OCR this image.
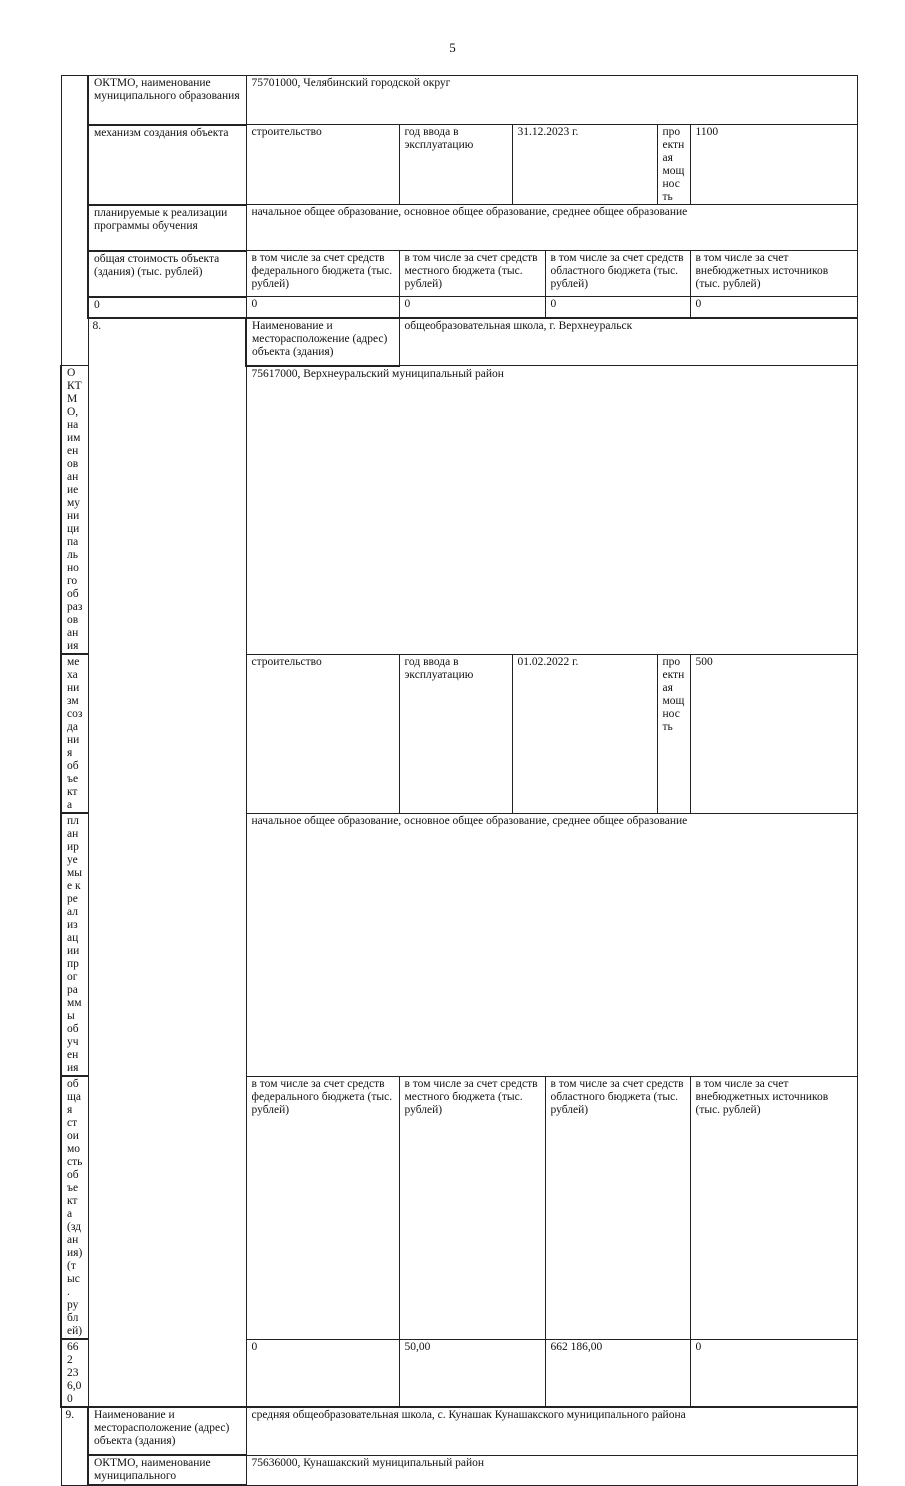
5
	ОКТМО, наименование муниципального образования	75701000, Челябинский городской округ					
	механизм создания объекта	строительство	год ввода в эксплуатацию	31.12.2023 г.		проектная мощность	1100
	планируемые к реализации программы обучения	начальное общее образование, основное общее образование, среднее общее образование					
	общая стоимость объекта (здания) (тыс. рублей)	в том числе за счет средств федерального бюджета (тыс. рублей)	в том числе за счет средств местного бюджета (тыс. рублей)		в том числе за счет средств областного бюджета (тыс. рублей)		в том числе за счет внебюджетных источников (тыс. рублей)
	0	0	0		0		0
	8.	Наименование и месторасположение (адрес) объекта (здания)	общеобразовательная школа, г. Верхнеуральск				
ОКТМО, наименование муниципального образования		75617000, Верхнеуральский муниципальный район					
механизм создания объекта		строительство	год ввода в эксплуатацию	01.02.2022 г.		проектная мощность	500
планируемые к реализации программы обучения		начальное общее образование, основное общее образование, среднее общее образование					
общая стоимость объекта (здания) (тыс. рублей)		в том числе за счет средств федерального бюджета (тыс. рублей)	в том числе за счет средств местного бюджета (тыс. рублей)		в том числе за счет средств областного бюджета (тыс. рублей)		в том числе за счет внебюджетных источников (тыс. рублей)
662 236,00		0	50,00		662 186,00		0
9.	Наименование и месторасположение (адрес) объекта (здания)	средняя общеобразовательная школа, с. Кунашак Кунашакского муниципального района					
	ОКТМО, наименование муниципального	75636000, Кунашакский муниципальный район					
